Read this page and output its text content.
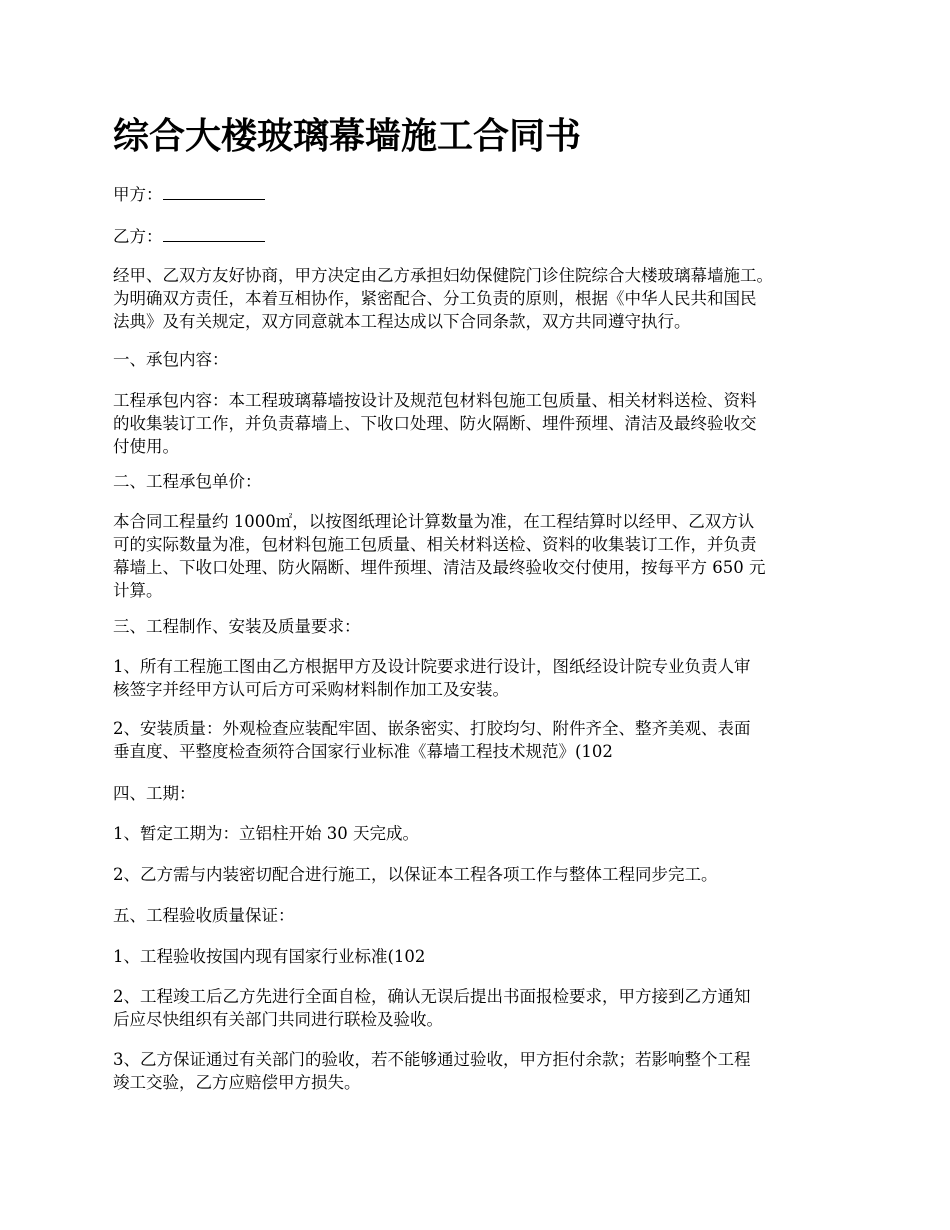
综合大楼玻璃幕墙施工合同书

甲方：

乙方：

经甲、乙双方友好协商，甲方决定由乙方承担妇幼保健院门诊住院综合大楼玻璃幕墙施工。
为明确双方责任，本着互相协作，紧密配合、分工负责的原则，根据《中华人民共和国民
法典》及有关规定，双方同意就本工程达成以下合同条款，双方共同遵守执行。

一、承包内容：

工程承包内容：本工程玻璃幕墙按设计及规范包材料包施工包质量、相关材料送检、资料
的收集装订工作，并负责幕墙上、下收口处理、防火隔断、埋件预埋、清洁及最终验收交
付使用。

二、工程承包单价：

本合同工程量约 1000㎡，以按图纸理论计算数量为准，在工程结算时以经甲、乙双方认
可的实际数量为准，包材料包施工包质量、相关材料送检、资料的收集装订工作，并负责
幕墙上、下收口处理、防火隔断、埋件预埋、清洁及最终验收交付使用，按每平方 650 元
计算。

三、工程制作、安装及质量要求：

1、所有工程施工图由乙方根据甲方及设计院要求进行设计，图纸经设计院专业负责人审
核签字并经甲方认可后方可采购材料制作加工及安装。

2、安装质量：外观检查应装配牢固、嵌条密实、打胶均匀、附件齐全、整齐美观、表面
垂直度、平整度检查须符合国家行业标准《幕墙工程技术规范》(102

四、工期：

1、暂定工期为：立铝柱开始 30 天完成。

2、乙方需与内装密切配合进行施工，以保证本工程各项工作与整体工程同步完工。

五、工程验收质量保证：

1、工程验收按国内现有国家行业标准(102

2、工程竣工后乙方先进行全面自检，确认无误后提出书面报检要求，甲方接到乙方通知
后应尽快组织有关部门共同进行联检及验收。

3、乙方保证通过有关部门的验收，若不能够通过验收，甲方拒付余款；若影响整个工程
竣工交验，乙方应赔偿甲方损失。
